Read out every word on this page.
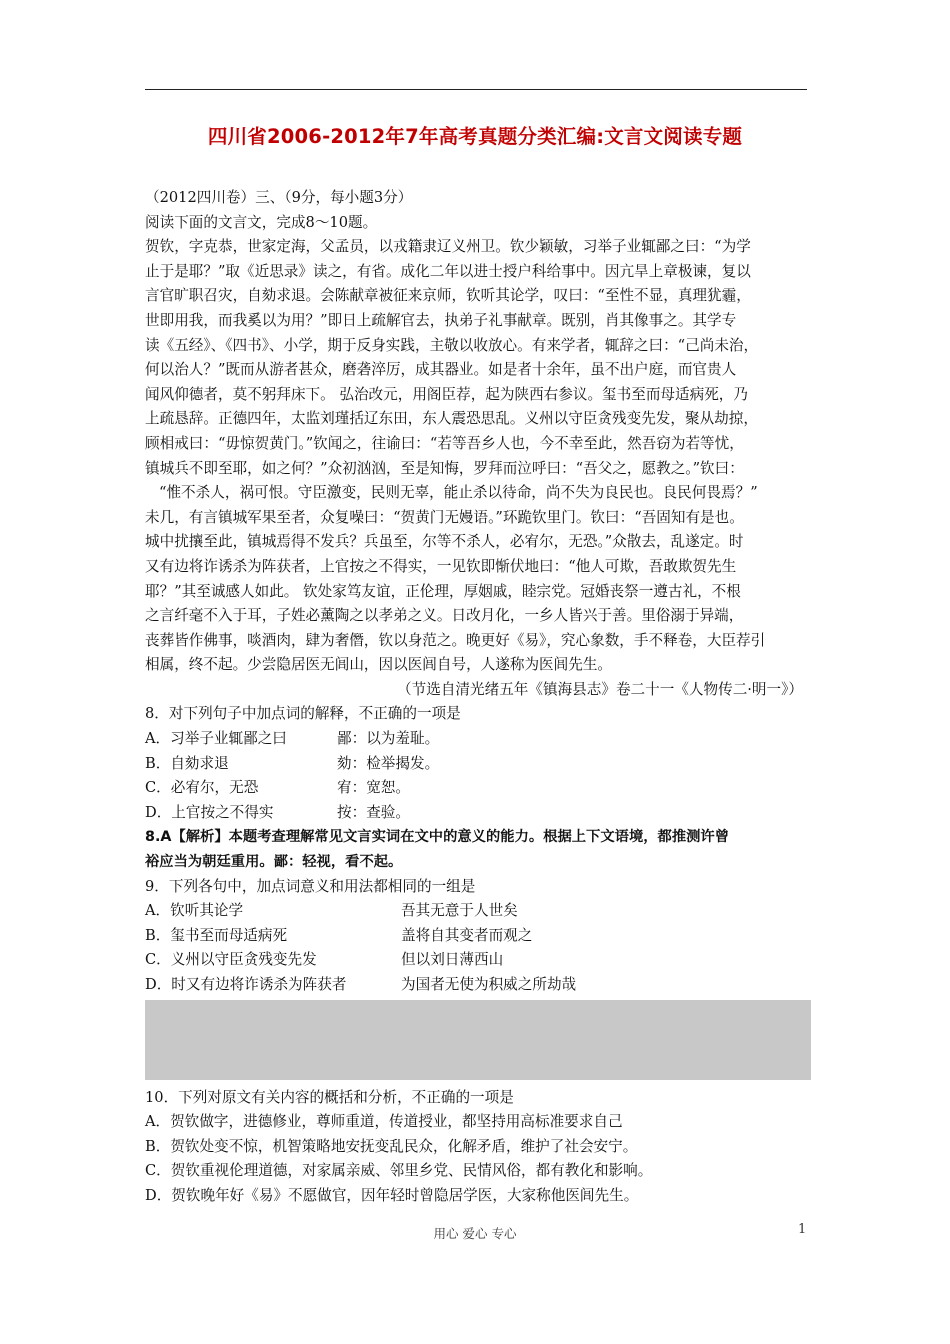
四川省2006-2012年7年高考真题分类汇编:文言文阅读专题
（2012四川卷）三、（9分，每小题3分）
阅读下面的文言文，完成8～10题。
贺钦，字克恭，世家定海，父孟员，以戎籍隶辽义州卫。钦少颖敏，习举子业辄鄙之曰：“为学
止于是耶？”取《近思录》读之，有省。成化二年以进士授户科给事中。因亢旱上章极谏，复以
言官旷职召灾，自劾求退。会陈献章被征来京师，钦听其论学，叹曰：“至性不显，真理犹霾，
世即用我，而我奚以为用？”即日上疏解官去，执弟子礼事献章。既别，肖其像事之。其学专
读《五经》、《四书》、小学，期于反身实践，主敬以收放心。有来学者，辄辞之曰：“己尚未治，
何以治人？”既而从游者甚众，磨砻淬厉，成其器业。如是者十余年，虽不出户庭，而官贵人
闻风仰德者，莫不躬拜床下。 弘治改元，用阁臣荐，起为陕西右参议。玺书至而母适病死，乃
上疏恳辞。正德四年，太监刘瑾括辽东田，东人震恐思乱。义州以守臣贪残变先发，聚从劫掠，
顾相戒曰：“毋惊贺黄门。”钦闻之，往谕曰：“若等吾乡人也，今不幸至此，然吾窃为若等忧，
镇城兵不即至耶，如之何？”众初汹汹，至是知悔，罗拜而泣呼曰：“吾父之，愿教之。”钦曰：
“惟不杀人，祸可恨。守臣激变，民则无辜，能止杀以待命，尚不失为良民也。良民何畏焉？”
未几，有言镇城军果至者，众复噪曰：“贺黄门无嫚语。”环跪钦里门。钦曰：“吾固知有是也。
城中扰攘至此，镇城焉得不发兵？兵虽至，尔等不杀人，必宥尔，无恐。”众散去，乱遂定。时
又有边将诈诱杀为阵获者，上官按之不得实，一见钦即惭伏地曰：“他人可欺，吾敢欺贺先生
耶？”其至诚感人如此。 钦处家笃友谊，正伦理，厚姻戚，睦宗党。冠婚丧祭一遵古礼，不根
之言纤毫不入于耳，子姓必薰陶之以孝弟之义。日改月化，一乡人皆兴于善。里俗溺于异端，
丧葬皆作佛事，啖酒肉，肆为奢僭，钦以身范之。晚更好《易》，究心象数，手不释卷，大臣荐引
相属，终不起。少尝隐居医无闾山，因以医闾自号，人遂称为医闾先生。
（节选自清光绪五年《镇海县志》卷二十一《人物传二·明一》）
8．对下列句子中加点词的解释，不正确的一项是
A．习举子业辄鄙之曰	鄙：以为羞耻。
B．自劾求退	劾：检举揭发。
C．必宥尔，无恐	宥：宽恕。
D．上官按之不得实	按：查验。
8.A【解析】本题考查理解常见文言实词在文中的意义的能力。根据上下文语境，都推测许曾
裕应当为朝廷重用。鄙：轻视，看不起。
9．下列各句中，加点词意义和用法都相同的一组是
A．钦听其论学	吾其无意于人世矣
B．玺书至而母适病死	盖将自其变者而观之
C．义州以守臣贪残变先发	但以刘日薄西山
D．时又有边将诈诱杀为阵获者	为国者无使为积威之所劫哉
10．下列对原文有关内容的概括和分析，不正确的一项是
A．贺钦做字，进德修业，尊师重道，传道授业，都坚持用高标准要求自己
B．贺钦处变不惊，机智策略地安抚变乱民众，化解矛盾，维护了社会安宁。
C．贺钦重视伦理道德，对家属亲威、邻里乡党、民情风俗，都有教化和影响。
D．贺钦晚年好《易》不愿做官，因年轻时曾隐居学医，大家称他医闾先生。
用心 爱心 专心	1
